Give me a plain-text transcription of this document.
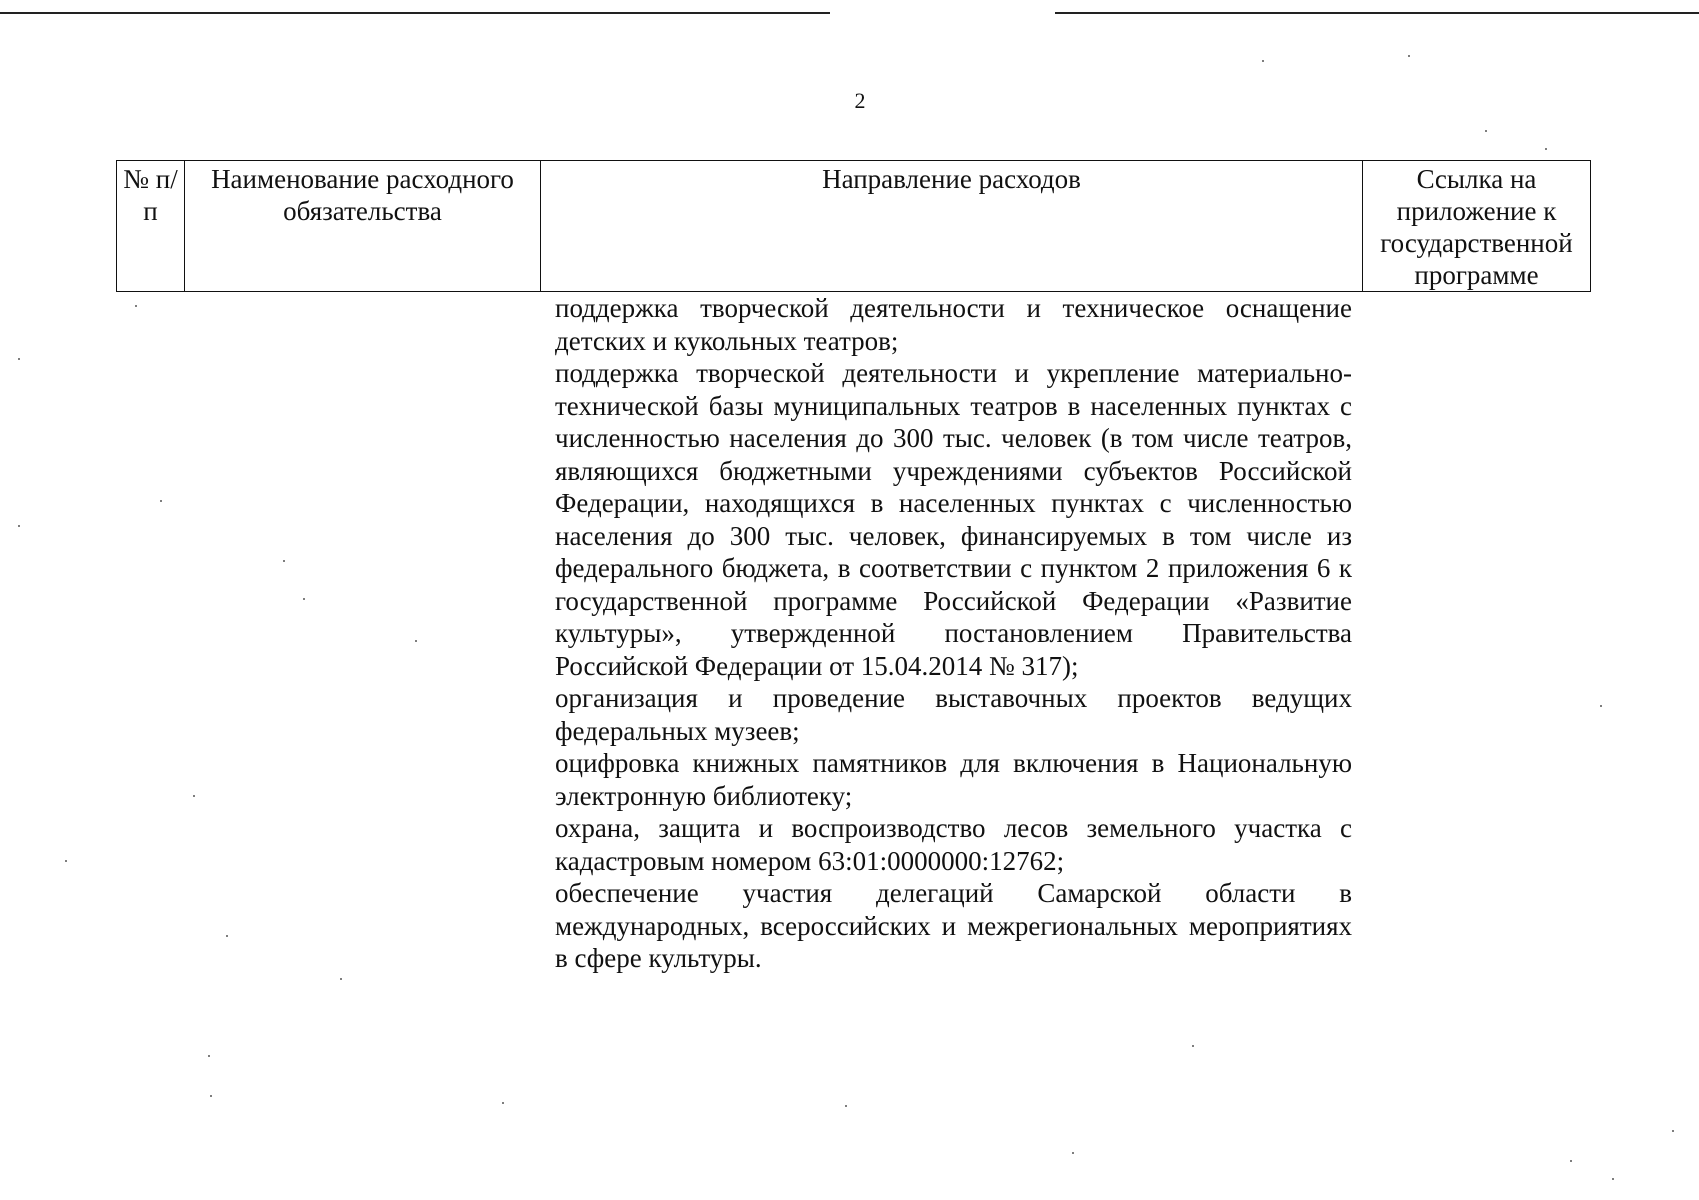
2
№ п/п	Наименование расходного обязательства	Направление расходов	Ссылка на приложение к государственной программе

поддержка творческой деятельности и техническое оснащение детских и кукольных театров;

поддержка творческой деятельности и укрепление материально-технической базы муниципальных театров в населенных пунктах с численностью населения до 300 тыс. человек (в том числе театров, являющихся бюджетными учреждениями субъектов Российской Федерации, находящихся в населенных пунктах с численностью населения до 300 тыс. человек, финансируемых в том числе из федерального бюджета, в соответствии с пунктом 2 приложения 6 к государственной программе Российской Федерации «Развитие культуры», утвержденной постановлением Правительства Российской Федерации от 15.04.2014 № 317);

организация и проведение выставочных проектов ведущих федеральных музеев;

оцифровка книжных памятников для включения в Национальную электронную библиотеку;

охрана, защита и воспроизводство лесов земельного участка с кадастровым номером 63:01:0000000:12762;

обеспечение участия делегаций Самарской области в международных, всероссийских и межрегиональных мероприятиях в сфере культуры.
